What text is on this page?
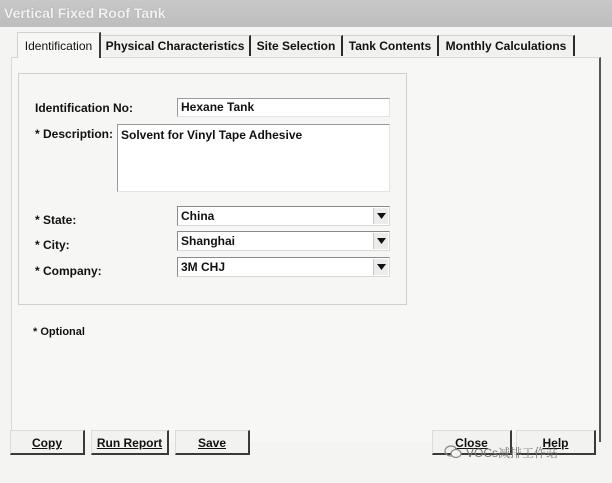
Vertical Fixed Roof Tank
Identification	Physical Characteristics	Site Selection	Tank Contents	Monthly Calculations
Identification No:	Hexane Tank
* Description: Solvent for Vinyl Tape Adhesive
* State:	China
* City:	Shanghai
* Company:	3M CHJ
* Optional
Copy	Run Report	Save	Close	Help
VOCs减排工作站
